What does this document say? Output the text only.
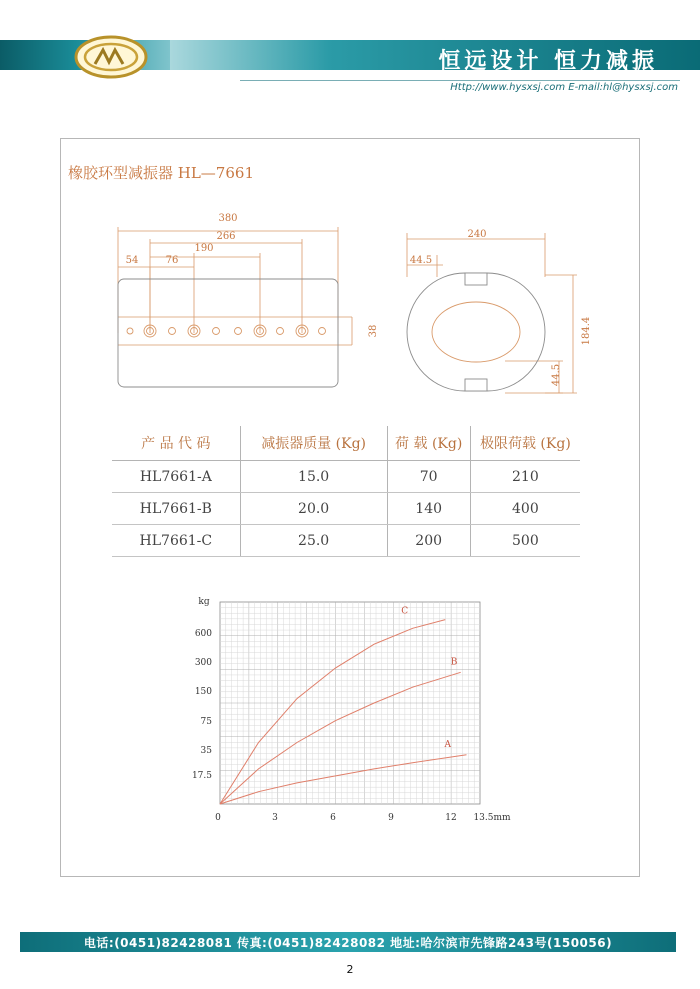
恒远设计 恒力减振
Http://www.hysxsj.com E-mail:hl@hysxsj.com
橡胶环型减振器 HL—7661
380
266
190
54	76
38
240
44.5
184.4
44.5
产 品 代 码	减振器质量 (Kg)	荷 载 (Kg)	极限荷载 (Kg)
HL7661-A	15.0	70	210
HL7661-B	20.0	140	400
HL7661-C	25.0	200	500
A
B
C
kg
17.5
35
75
150
300
600
0	3	6	9	12 13.5mm
电话:(0451)82428081 传真:(0451)82428082 地址:哈尔滨市先锋路243号(150056)
2
